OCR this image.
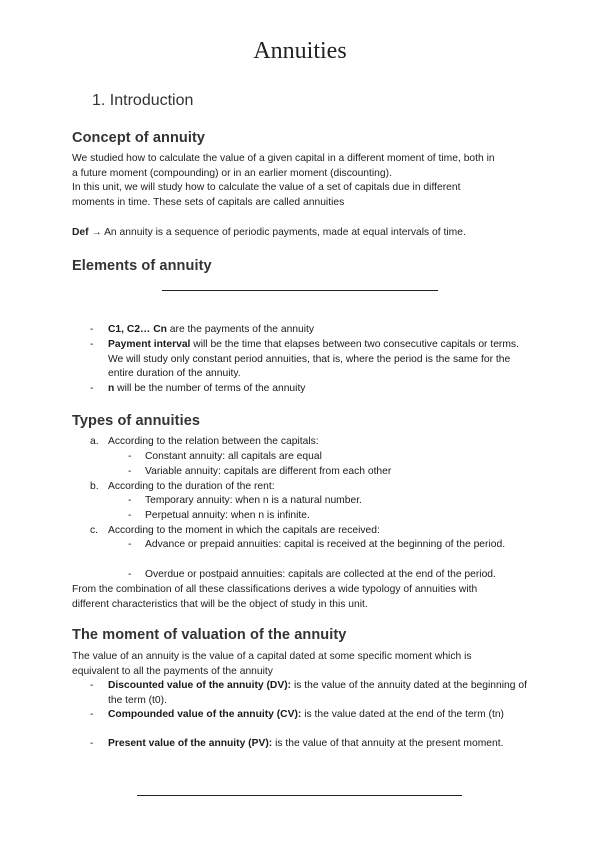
Annuities
1. Introduction
Concept of annuity
We studied how to calculate the value of a given capital in a different moment of time, both in
a future moment (compounding) or in an earlier moment (discounting).
In this unit, we will study how to calculate the value of a set of capitals due in different
moments in time. These sets of capitals are called annuities
Def → An annuity is a sequence of periodic payments, made at equal intervals of time.
Elements of annuity
- C1, C2… Cn are the payments of the annuity
- Payment interval will be the time that elapses between two consecutive capitals or terms. We will study only constant period annuities, that is, where the period is the same for the entire duration of the annuity.
- n will be the number of terms of the annuity
Types of annuities
a. According to the relation between the capitals:
- Constant annuity: all capitals are equal
- Variable annuity: capitals are different from each other
b. According to the duration of the rent:
- Temporary annuity: when n is a natural number.
- Perpetual annuity: when n is infinite.
c. According to the moment in which the capitals are received:
- Advance or prepaid annuities: capital is received at the beginning of the period.
- Overdue or postpaid annuities: capitals are collected at the end of the period.
From the combination of all these classifications derives a wide typology of annuities with
different characteristics that will be the object of study in this unit.
The moment of valuation of the annuity
The value of an annuity is the value of a capital dated at some specific moment which is
equivalent to all the payments of the annuity
- Discounted value of the annuity (DV): is the value of the annuity dated at the beginning of the term (t0).
- Compounded value of the annuity (CV): is the value dated at the end of the term (tn)
- Present value of the annuity (PV): is the value of that annuity at the present moment.
